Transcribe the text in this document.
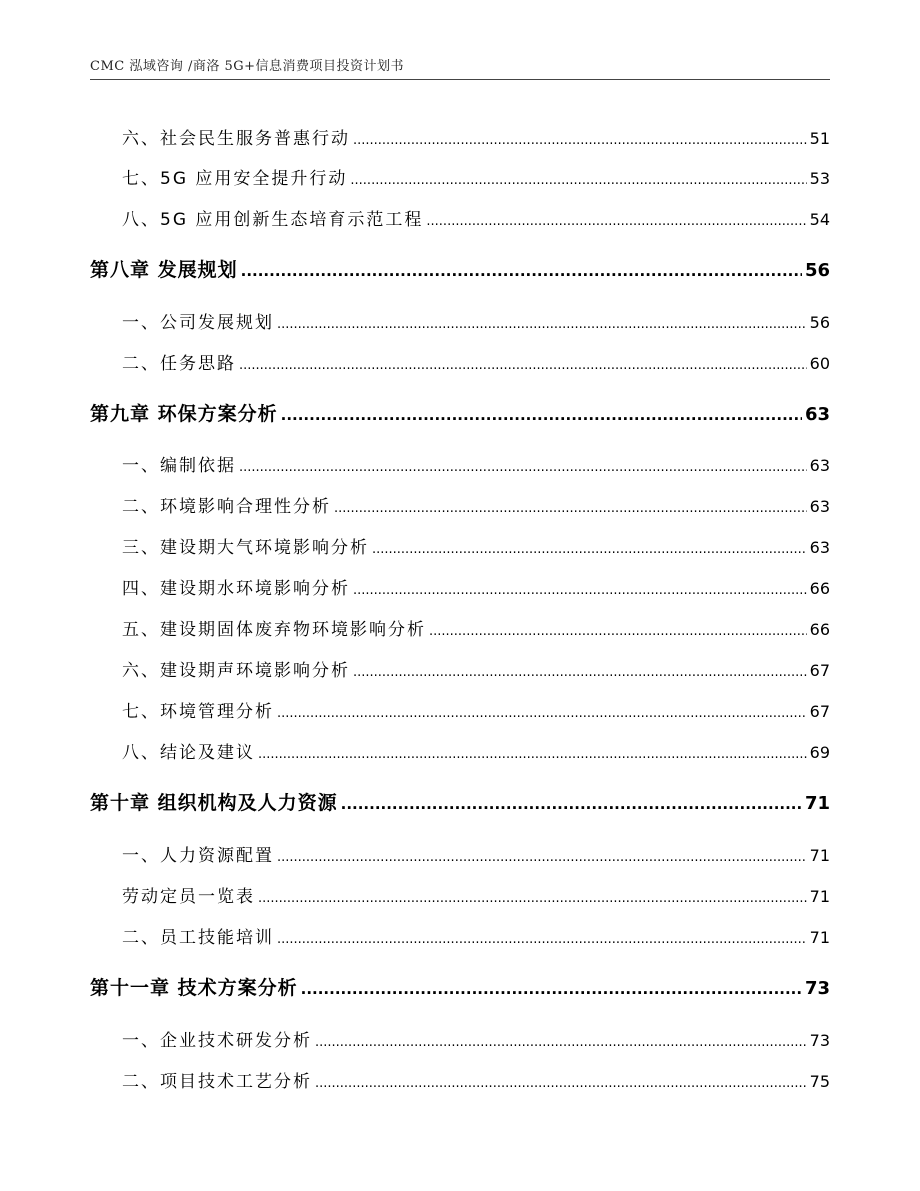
CMC 泓域咨询 /商洛 5G+信息消费项目投资计划书
六、 社会民生服务普惠行动 .....	51
七、 5G 应用安全提升行动 .....	53
八、 5G 应用创新生态培育示范工程 .....	54
第八章 发展规划 .....	56
一、 公司发展规划 .....	56
二、 任务思路 .....	60
第九章 环保方案分析 .....	63
一、 编制依据 .....	63
二、 环境影响合理性分析 .....	63
三、 建设期大气环境影响分析 .....	63
四、 建设期水环境影响分析 .....	66
五、 建设期固体废弃物环境影响分析 .....	66
六、 建设期声环境影响分析 .....	67
七、 环境管理分析 .....	67
八、 结论及建议 .....	69
第十章 组织机构及人力资源 .....	71
一、 人力资源配置 .....	71
劳动定员一览表 .....	71
二、 员工技能培训 .....	71
第十一章 技术方案分析 .....	73
一、 企业技术研发分析 .....	73
二、 项目技术工艺分析 .....	75
